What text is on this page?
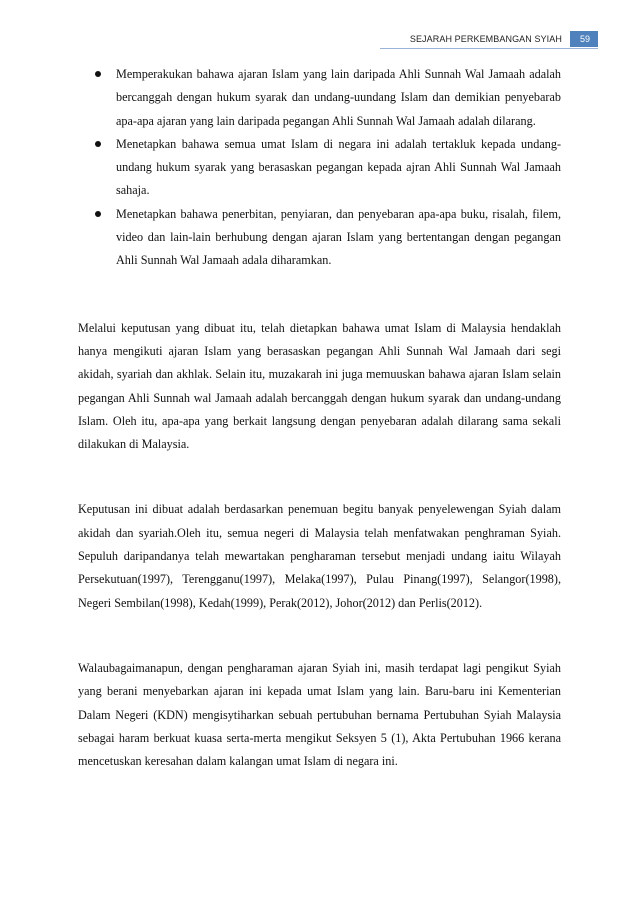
SEJARAH PERKEMBANGAN SYIAH	59
Memperakukan bahawa ajaran Islam yang lain daripada Ahli Sunnah Wal Jamaah adalah bercanggah dengan hukum syarak dan undang-uundang Islam dan demikian penyebarab apa-apa ajaran yang lain daripada pegangan Ahli Sunnah Wal Jamaah adalah dilarang.
Menetapkan bahawa semua umat Islam di negara ini adalah tertakluk kepada undang-undang hukum syarak yang berasaskan pegangan kepada ajran Ahli Sunnah Wal Jamaah sahaja.
Menetapkan bahawa penerbitan, penyiaran, dan penyebaran apa-apa buku, risalah, filem, video dan lain-lain berhubung dengan ajaran Islam yang bertentangan dengan pegangan Ahli Sunnah Wal Jamaah adala diharamkan.

Melalui keputusan yang dibuat itu, telah dietapkan bahawa umat Islam di Malaysia hendaklah hanya mengikuti ajaran Islam yang berasaskan pegangan Ahli Sunnah Wal Jamaah dari segi akidah, syariah dan akhlak. Selain itu, muzakarah ini juga memuuskan bahawa ajaran Islam selain pegangan Ahli Sunnah wal Jamaah adalah bercanggah dengan hukum syarak dan undang-undang Islam. Oleh itu, apa-apa yang berkait langsung dengan penyebaran adalah dilarang sama sekali dilakukan di Malaysia.

Keputusan ini dibuat adalah berdasarkan penemuan begitu banyak penyelewengan Syiah dalam akidah dan syariah.Oleh itu, semua negeri di Malaysia telah menfatwakan penghraman Syiah. Sepuluh daripandanya telah mewartakan pengharaman tersebut menjadi undang iaitu Wilayah Persekutuan(1997), Terengganu(1997), Melaka(1997), Pulau Pinang(1997), Selangor(1998), Negeri Sembilan(1998), Kedah(1999), Perak(2012), Johor(2012) dan Perlis(2012).

Walaubagaimanapun, dengan pengharaman ajaran Syiah ini, masih terdapat lagi pengikut Syiah yang berani menyebarkan ajaran ini kepada umat Islam yang lain. Baru-baru ini Kementerian Dalam Negeri (KDN) mengisytiharkan sebuah pertubuhan bernama Pertubuhan Syiah Malaysia sebagai haram berkuat kuasa serta-merta mengikut Seksyen 5 (1), Akta Pertubuhan 1966 kerana mencetuskan keresahan dalam kalangan umat Islam di negara ini.
